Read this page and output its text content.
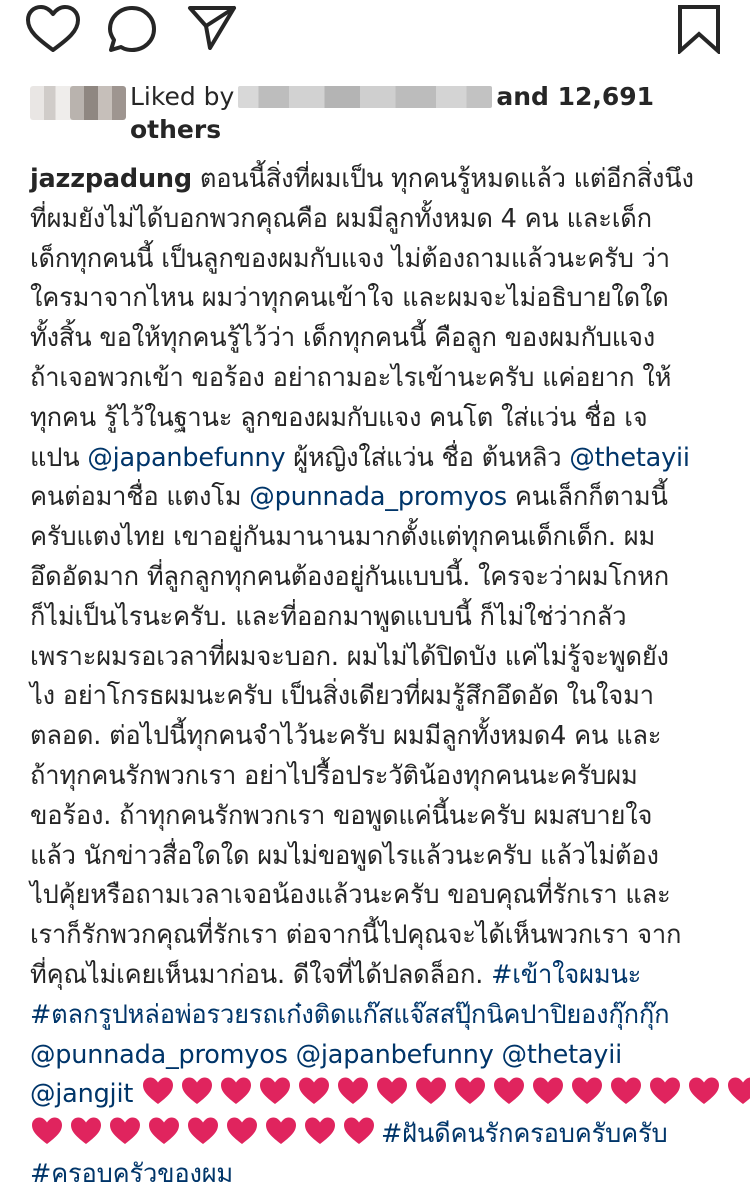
Liked by	and 12,691
others
jazzpadung ตอนนี้สิ่งที่ผมเป็น ทุกคนรู้หมดแล้ว แต่อีกสิ่งนึง
ที่ผมยังไม่ได้บอกพวกคุณคือ ผมมีลูกทั้งหมด 4 คน และเด็ก
เด็กทุกคนนี้ เป็นลูกของผมกับแจง ไม่ต้องถามแล้วนะครับ ว่า
ใครมาจากไหน ผมว่าทุกคนเข้าใจ และผมจะไม่อธิบายใดใด
ทั้งสิ้น ขอให้ทุกคนรู้ไว้ว่า เด็กทุกคนนี้ คือลูก ของผมกับแจง
ถ้าเจอพวกเข้า ขอร้อง อย่าถามอะไรเข้านะครับ แค่อยาก ให้
ทุกคน รู้ไว้ในฐานะ ลูกของผมกับแจง คนโต ใส่แว่น ชื่อ เจ
แปน @japanbefunny ผู้หญิงใส่แว่น ชื่อ ต้นหลิว @thetayii
คนต่อมาชื่อ แตงโม @punnada_promyos คนเล็กก็ตามนี้
ครับแตงไทย เขาอยู่กันมานานมากตั้งแต่ทุกคนเด็กเด็ก. ผม
อึดอัดมาก ที่ลูกลูกทุกคนต้องอยู่กันแบบนี้. ใครจะว่าผมโกหก
ก็ไม่เป็นไรนะครับ. และที่ออกมาพูดแบบนี้ ก็ไม่ใช่ว่ากลัว
เพราะผมรอเวลาที่ผมจะบอก. ผมไม่ได้ปิดบัง แค่ไม่รู้จะพูดยัง
ไง อย่าโกรธผมนะครับ เป็นสิ่งเดียวที่ผมรู้สึกอึดอัด ในใจมา
ตลอด. ต่อไปนี้ทุกคนจำไว้นะครับ ผมมีลูกทั้งหมด4 คน และ
ถ้าทุกคนรักพวกเรา อย่าไปรื้อประวัติน้องทุกคนนะครับผม
ขอร้อง. ถ้าทุกคนรักพวกเรา ขอพูดแค่นี้นะครับ ผมสบายใจ
แล้ว นักข่าวสื่อใดใด ผมไม่ขอพูดไรแล้วนะครับ แล้วไม่ต้อง
ไปคุ้ยหรือถามเวลาเจอน้องแล้วนะครับ ขอบคุณที่รักเรา และ
เราก็รักพวกคุณที่รักเรา ต่อจากนี้ไปคุณจะได้เห็นพวกเรา จาก
ที่คุณไม่เคยเห็นมาก่อน. ดีใจที่ได้ปลดล็อก. #เข้าใจผมนะ
#ตลกรูปหล่อพ่อรวยรถเก๋งติดแก๊สแจ๊สสปุ๊กนิคปาปิยองกุ๊กกุ๊ก
@punnada_promyos @japanbefunny @thetayii
@jangjit
#ฝันดีคนรักครอบครับครับ
#ครอบครัวของผม
